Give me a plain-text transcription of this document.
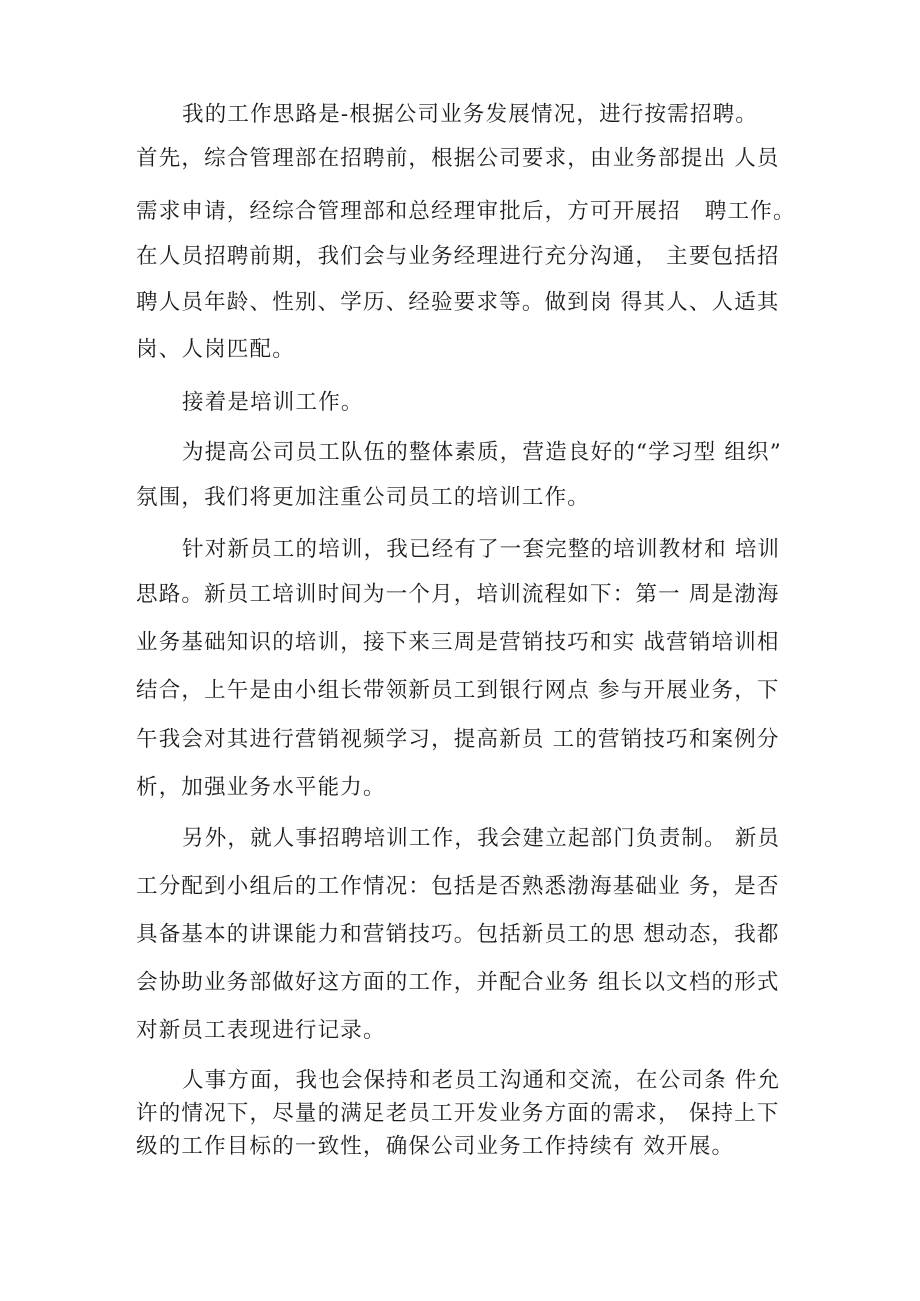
我的工作思路是-根据公司业务发展情况，进行按需招聘。
首先，综合管理部在招聘前，根据公司要求，由业务部提出 人员
需求申请，经综合管理部和总经理审批后，方可开展招   聘工作。
在人员招聘前期，我们会与业务经理进行充分沟通， 主要包括招
聘人员年龄、性别、学历、经验要求等。做到岗 得其人、人适其
岗、人岗匹配。
接着是培训工作。
为提高公司员工队伍的整体素质，营造良好的“学习型 组织”
氛围，我们将更加注重公司员工的培训工作。
针对新员工的培训，我已经有了一套完整的培训教材和 培训
思路。新员工培训时间为一个月，培训流程如下：第一 周是渤海
业务基础知识的培训，接下来三周是营销技巧和实 战营销培训相
结合，上午是由小组长带领新员工到银行网点 参与开展业务，下
午我会对其进行营销视频学习，提高新员 工的营销技巧和案例分
析，加强业务水平能力。
另外，就人事招聘培训工作，我会建立起部门负责制。 新员
工分配到小组后的工作情况：包括是否熟悉渤海基础业 务，是否
具备基本的讲课能力和营销技巧。包括新员工的思 想动态，我都
会协助业务部做好这方面的工作，并配合业务 组长以文档的形式
对新员工表现进行记录。
人事方面，我也会保持和老员工沟通和交流，在公司条 件允
许的情况下，尽量的满足老员工开发业务方面的需求， 保持上下
级的工作目标的一致性，确保公司业务工作持续有 效开展。
